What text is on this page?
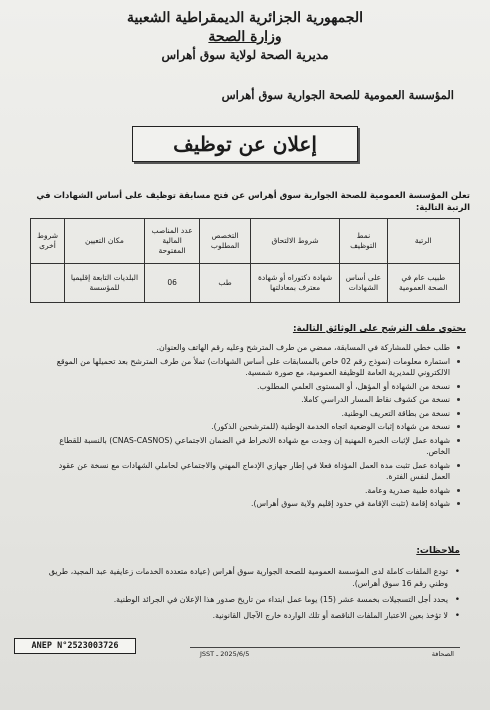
الجمهورية الجزائرية الديمقراطية الشعبية
وزارة الصحة
مديرية الصحة لولاية سوق أهراس
المؤسسة العمومية للصحة الجوارية سوق أهراس
إعلان عن توظيف
تعلن المؤسسة العمومية للصحة الجوارية سوق أهراس عن فتح مسابقة توظيف على أساس الشهادات في الرتبة التالية:
الرتبة	نمط التوظيف	شروط الالتحاق	التخصص المطلوب	عدد المناصب المالية المفتوحة	مكان التعيين	شروط أخرى
طبيب عام في الصحة العمومية	على أساس الشهادات	شهادة دكتوراه أو شهادة معترف بمعادلتها	طب	06	البلديات التابعة إقليميا للمؤسسة	
يحتوي ملف الترشح على الوثائق التالية:
طلب خطي للمشاركة في المسابقة، ممضي من طرف المترشح وعليه رقم الهاتف والعنوان.
استمارة معلومات (نموذج رقم 02 خاص بالمسابقات على أساس الشهادات) تملأ من طرف المترشح بعد تحميلها من الموقع الالكتروني للمديرية العامة للوظيفة العمومية، مع صورة شمسية.
نسخة من الشهادة أو المؤهل، أو المستوى العلمي المطلوب.
نسخة من كشوف نقاط المسار الدراسي كاملا.
نسخة من بطاقة التعريف الوطنية.
نسخة من شهادة إثبات الوضعية اتجاه الخدمة الوطنية (للمترشحين الذكور).
شهادة عمل لإثبات الخبرة المهنية إن وجدت مع شهادة الانخراط في الضمان الاجتماعي (CNAS-CASNOS) بالنسبة للقطاع الخاص.
شهادة عمل تثبت مدة العمل المؤداة فعلا في إطار جهازي الإدماج المهني والاجتماعي لحاملي الشهادات مع نسخة عن عقود العمل لنفس الفترة.
شهادة طبية صدرية وعامة.
شهادة إقامة (تثبت الإقامة في حدود إقليم ولاية سوق أهراس).
ملاحظات:
• تودع الملفات كاملة لدى المؤسسة العمومية للصحة الجوارية سوق أهراس (عيادة متعددة الخدمات زعايفية عبد المجيد، طريق وطني رقم 16 سوق أهراس).
• يحدد أجل التسجيلات بخمسة عشر (15) يوما عمل ابتداء من تاريخ صدور هذا الإعلان في الجرائد الوطنية.
• لا تؤخذ بعين الاعتبار الملفات الناقصة أو تلك الواردة خارج الآجال القانونية.
ANEP N°2523003726
الصحافة
2025/6/5 ـ JSST
